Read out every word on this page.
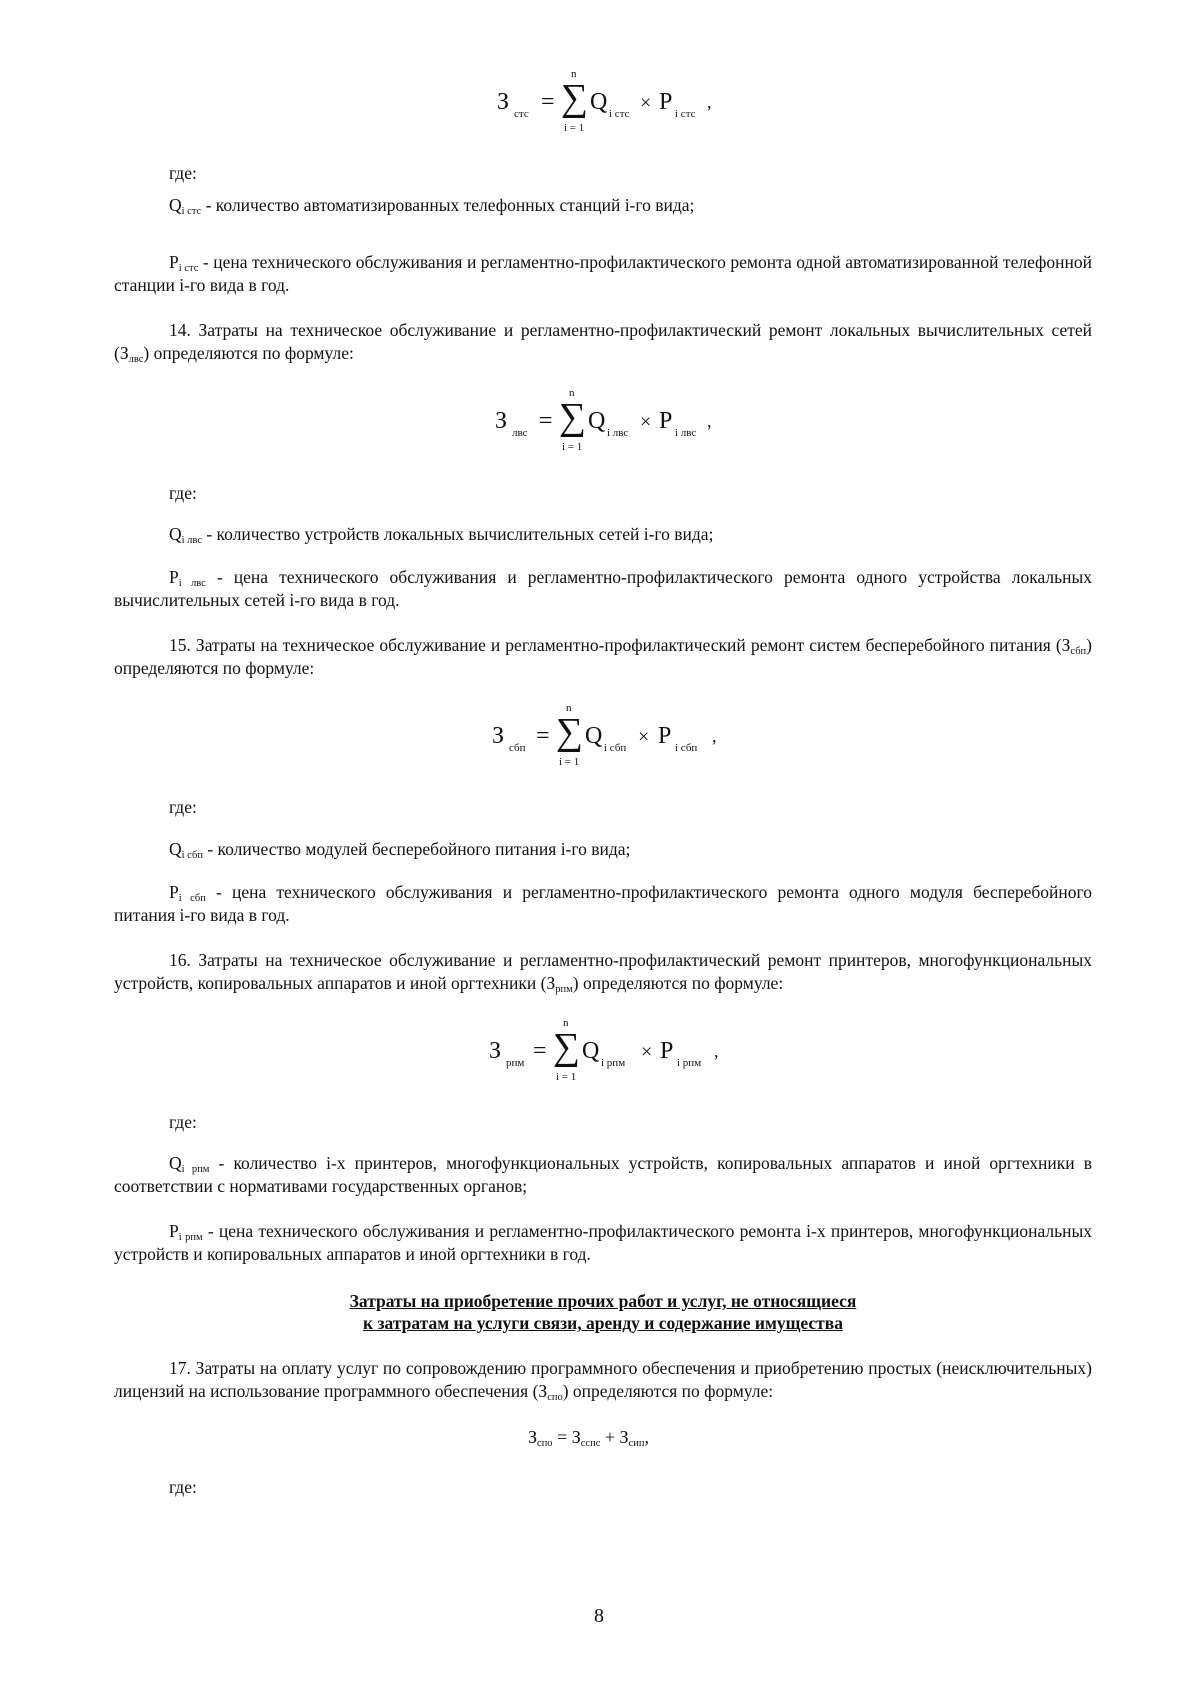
З стс = ∑
n
i = 1
Q i стс × P i стс
,
где:

$Q_{i стс}$ - количество автоматизированных телефонных станций i-го вида;

$P_{i стс}$ - цена технического обслуживания и регламентно-профилактического ремонта одной автоматизированной телефонной станции i-го вида в год.

14. Затраты на техническое обслуживание и регламентно-профилактический ремонт локальных вычислительных сетей $(З_{лвс})$ определяются по формуле:

З лвс = ∑
n
i = 1
Q i лвс × P i лвс
,
где:

$Q_{i лвс}$ - количество устройств локальных вычислительных сетей i-го вида;

$P_{i лвс}$ - цена технического обслуживания и регламентно-профилактического ремонта одного устройства локальных вычислительных сетей i-го вида в год.

15. Затраты на техническое обслуживание и регламентно-профилактический ремонт систем бесперебойного питания $(З_{сбп})$ определяются по формуле:

З сбп = ∑
n
i = 1
Q i сбп × P i сбп
,
где:

$Q_{i сбп}$ - количество модулей бесперебойного питания i-го вида;

$P_{i сбп}$ - цена технического обслуживания и регламентно-профилактического ремонта одного модуля бесперебойного питания i-го вида в год.

16. Затраты на техническое обслуживание и регламентно-профилактический ремонт принтеров, многофункциональных устройств, копировальных аппаратов и иной оргтехники $(З_{рпм})$ определяются по формуле:

З рпм = ∑
n
i = 1
Q i рпм × P i рпм
,
где:

$Q_{i рпм}$ - количество i-х принтеров, многофункциональных устройств, копировальных аппаратов и иной оргтехники в соответствии с нормативами государственных органов;

$P_{i рпм}$ - цена технического обслуживания и регламентно-профилактического ремонта i-х принтеров, многофункциональных устройств и копировальных аппаратов и иной оргтехники в год.

Затраты на приобретение прочих работ и услуг, не относящиеся
к затратам на услуги связи, аренду и содержание имущества

17. Затраты на оплату услуг по сопровождению программного обеспечения и приобретению простых (неисключительных) лицензий на использование программного обеспечения $(З_{спо})$ определяются по формуле:

$З_{спо} = З_{сспс} + З_{сип}$,
где:
8
